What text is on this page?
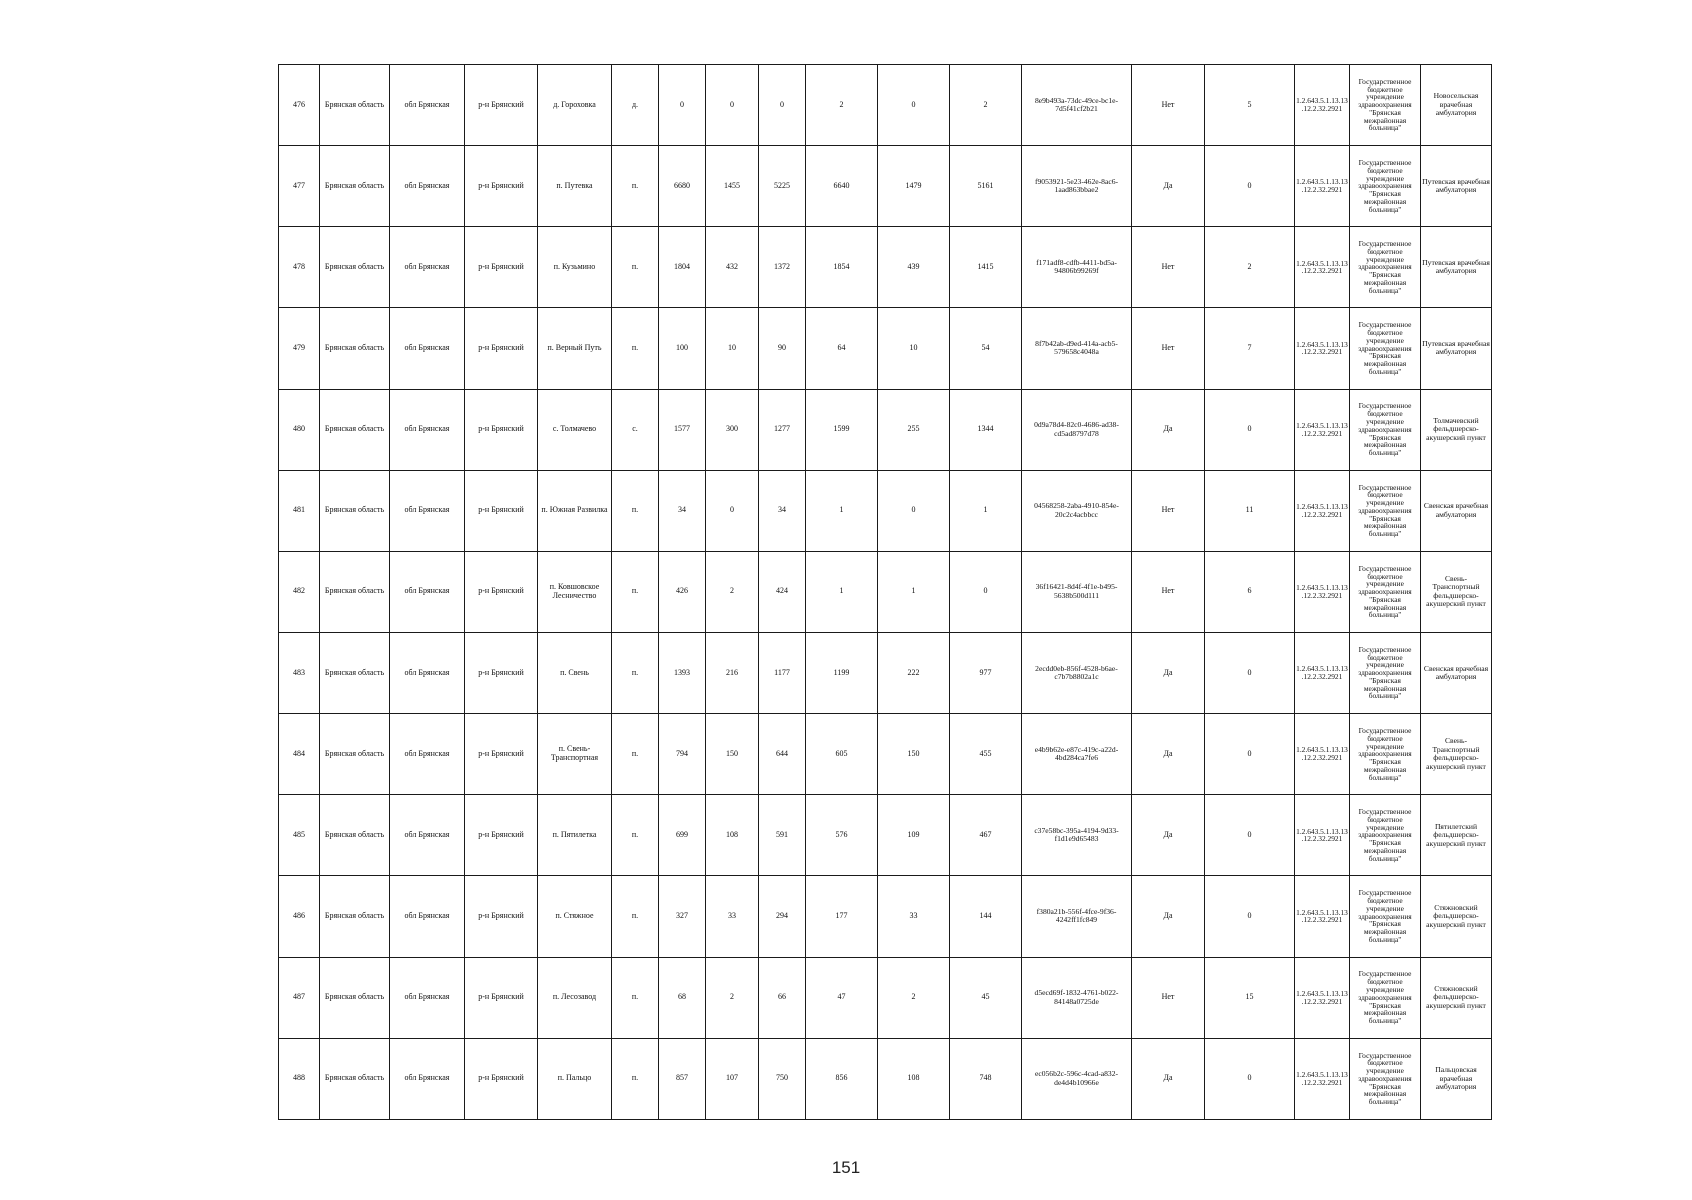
476	Брянская область	обл Брянская	р-н Брянский	д. Гороховка	д.	0	0	0	2	0	2	8e9b493a-73dc-49ce-bc1e-7d5f41cf2b21	Нет	5	1.2.643.5.1.13.13.12.2.32.2921	Государственное бюджетное учреждение здравоохранения "Брянская межрайонная больница"	Новосельская врачебная амбулатория
477	Брянская область	обл Брянская	р-н Брянский	п. Путевка	п.	6680	1455	5225	6640	1479	5161	f9053921-5e23-462e-8ac6-1aad863bbae2	Да	0	1.2.643.5.1.13.13.12.2.32.2921	Государственное бюджетное учреждение здравоохранения "Брянская межрайонная больница"	Путевская врачебная амбулатория
478	Брянская область	обл Брянская	р-н Брянский	п. Кузьмино	п.	1804	432	1372	1854	439	1415	f171adf8-cdfb-4411-bd5a-94806b99269f	Нет	2	1.2.643.5.1.13.13.12.2.32.2921	Государственное бюджетное учреждение здравоохранения "Брянская межрайонная больница"	Путевская врачебная амбулатория
479	Брянская область	обл Брянская	р-н Брянский	п. Верный Путь	п.	100	10	90	64	10	54	8f7b42ab-d9ed-414a-acb5-579658c4048a	Нет	7	1.2.643.5.1.13.13.12.2.32.2921	Государственное бюджетное учреждение здравоохранения "Брянская межрайонная больница"	Путевская врачебная амбулатория
480	Брянская область	обл Брянская	р-н Брянский	с. Толмачево	с.	1577	300	1277	1599	255	1344	0d9a78d4-82c0-4686-ad38-cd5ad8797d78	Да	0	1.2.643.5.1.13.13.12.2.32.2921	Государственное бюджетное учреждение здравоохранения "Брянская межрайонная больница"	Толмачевский фельдшерско-акушерский пункт
481	Брянская область	обл Брянская	р-н Брянский	п. Южная Развилка	п.	34	0	34	1	0	1	04568258-2aba-4910-854e-20c2c4acbbcc	Нет	11	1.2.643.5.1.13.13.12.2.32.2921	Государственное бюджетное учреждение здравоохранения "Брянская межрайонная больница"	Свенская врачебная амбулатория
482	Брянская область	обл Брянская	р-н Брянский	п. Ковшовское Лесничество	п.	426	2	424	1	1	0	36f16421-8d4f-4f1e-b495-5638b500d111	Нет	6	1.2.643.5.1.13.13.12.2.32.2921	Государственное бюджетное учреждение здравоохранения "Брянская межрайонная больница"	Свень-Транспортный фельдшерско-акушерский пункт
483	Брянская область	обл Брянская	р-н Брянский	п. Свень	п.	1393	216	1177	1199	222	977	2ecdd0eb-856f-4528-b6ae-c7b7b8802a1c	Да	0	1.2.643.5.1.13.13.12.2.32.2921	Государственное бюджетное учреждение здравоохранения "Брянская межрайонная больница"	Свенская врачебная амбулатория
484	Брянская область	обл Брянская	р-н Брянский	п. Свень-Транспортная	п.	794	150	644	605	150	455	e4b9b62e-e87c-419c-a22d-4bd284ca7fe6	Да	0	1.2.643.5.1.13.13.12.2.32.2921	Государственное бюджетное учреждение здравоохранения "Брянская межрайонная больница"	Свень-Транспортный фельдшерско-акушерский пункт
485	Брянская область	обл Брянская	р-н Брянский	п. Пятилетка	п.	699	108	591	576	109	467	c37e58bc-395a-4194-9d33-f1d1e9d65483	Да	0	1.2.643.5.1.13.13.12.2.32.2921	Государственное бюджетное учреждение здравоохранения "Брянская межрайонная больница"	Пятилетский фельдшерско-акушерский пункт
486	Брянская область	обл Брянская	р-н Брянский	п. Стяжное	п.	327	33	294	177	33	144	f380a21b-556f-4fce-9f36-4242ff1fc849	Да	0	1.2.643.5.1.13.13.12.2.32.2921	Государственное бюджетное учреждение здравоохранения "Брянская межрайонная больница"	Стяжновский фельдшерско-акушерский пункт
487	Брянская область	обл Брянская	р-н Брянский	п. Лесозавод	п.	68	2	66	47	2	45	d5ecd69f-1832-4761-b022-84148a0725de	Нет	15	1.2.643.5.1.13.13.12.2.32.2921	Государственное бюджетное учреждение здравоохранения "Брянская межрайонная больница"	Стяжновский фельдшерско-акушерский пункт
488	Брянская область	обл Брянская	р-н Брянский	п. Пальцо	п.	857	107	750	856	108	748	ec056b2c-596c-4cad-a832-de4d4b10966e	Да	0	1.2.643.5.1.13.13.12.2.32.2921	Государственное бюджетное учреждение здравоохранения "Брянская межрайонная больница"	Пальцовская врачебная амбулатория
151
